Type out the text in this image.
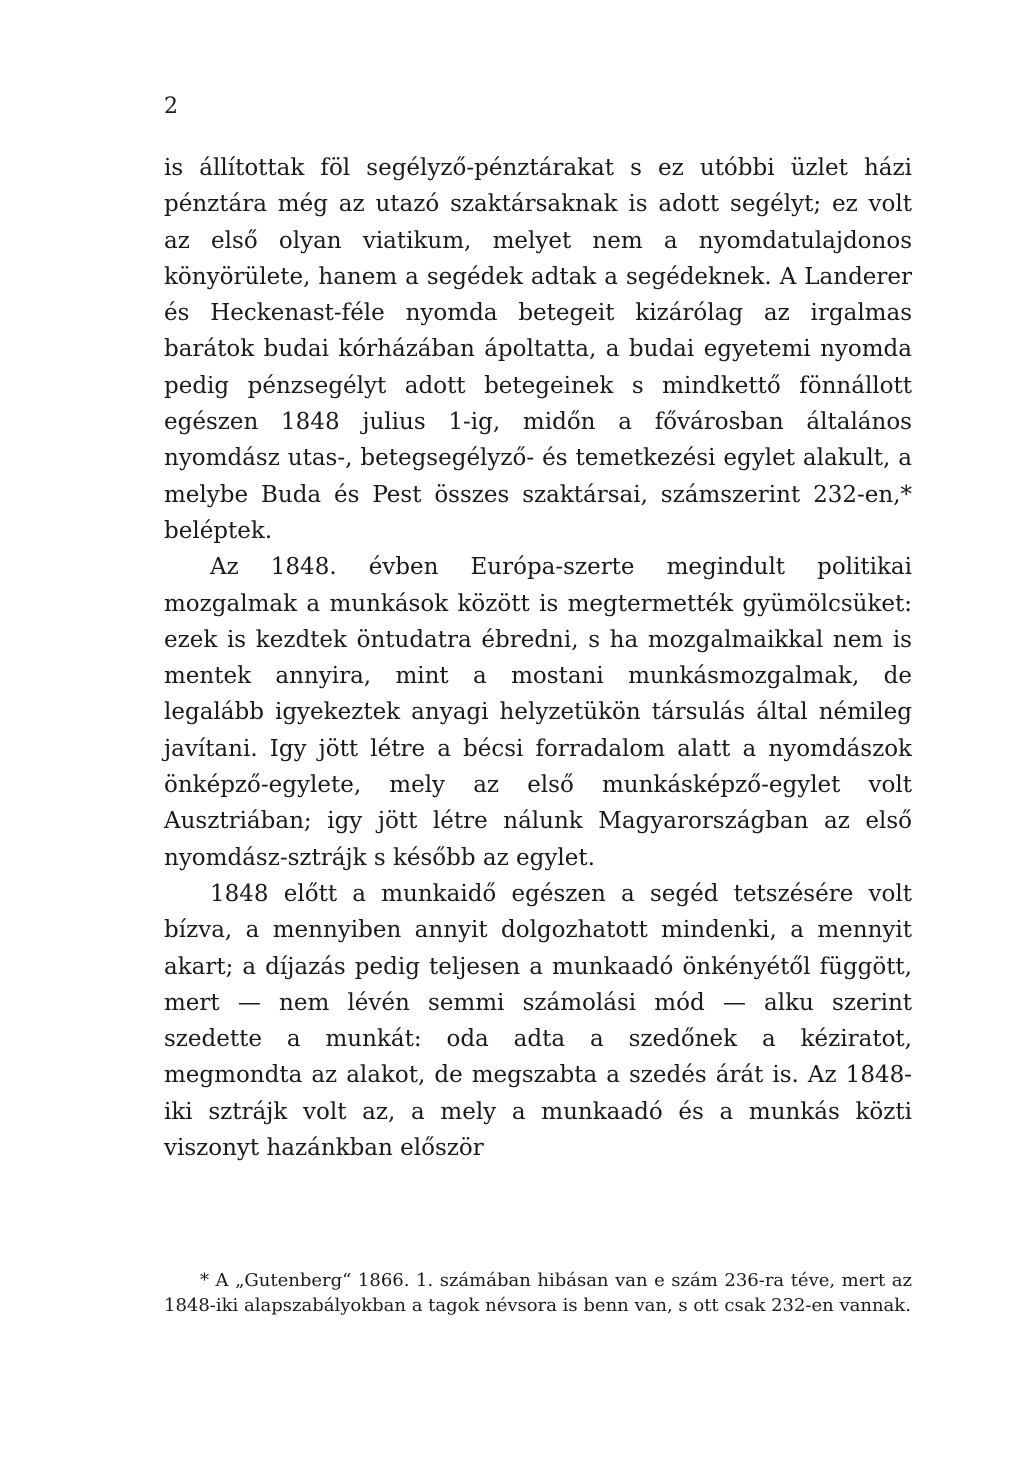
2

is állítottak föl segélyző-pénztárakat s ez utóbbi üzlet házi pénztára még az utazó szaktársaknak is adott segélyt; ez volt az első olyan viatikum, melyet nem a nyomdatulajdonos könyörülete, hanem a segédek adtak a segédeknek. A Landerer és Heckenast-féle nyomda betegeit kizárólag az irgalmas barátok budai kórházában ápoltatta, a budai egyetemi nyomda pedig pénzsegélyt adott betegeinek s mindkettő fönnállott egészen 1848 julius 1-ig, midőn a fővárosban általános nyomdász utas-, betegsegélyző- és temetkezési egylet alakult, a melybe Buda és Pest összes szaktársai, számszerint 232-en,* beléptek.

Az 1848. évben Európa-szerte megindult politikai mozgalmak a munkások között is megtermették gyümölcsüket: ezek is kezdtek öntudatra ébredni, s ha mozgalmaikkal nem is mentek annyira, mint a mostani munkásmozgalmak, de legalább igyekeztek anyagi helyzetükön társulás által némileg javítani. Igy jött létre a bécsi forradalom alatt a nyomdászok önképző-egylete, mely az első munkásképző-egylet volt Ausztriában; igy jött létre nálunk Magyarországban az első nyomdász-sztrájk s később az egylet.

1848 előtt a munkaidő egészen a segéd tetszésére volt bízva, a mennyiben annyit dolgozhatott mindenki, a mennyit akart; a díjazás pedig teljesen a munkaadó önkényétől függött, mert — nem lévén semmi számolási mód — alku szerint szedette a munkát: oda adta a szedőnek a kéziratot, megmondta az alakot, de megszabta a szedés árát is. Az 1848-iki sztrájk volt az, a mely a munkaadó és a munkás közti viszonyt hazánkban először

* A „Gutenberg“ 1866. 1. számában hibásan van e szám 236-ra téve, mert az 1848-iki alapszabályokban a tagok névsora is benn van, s ott csak 232-en vannak.
